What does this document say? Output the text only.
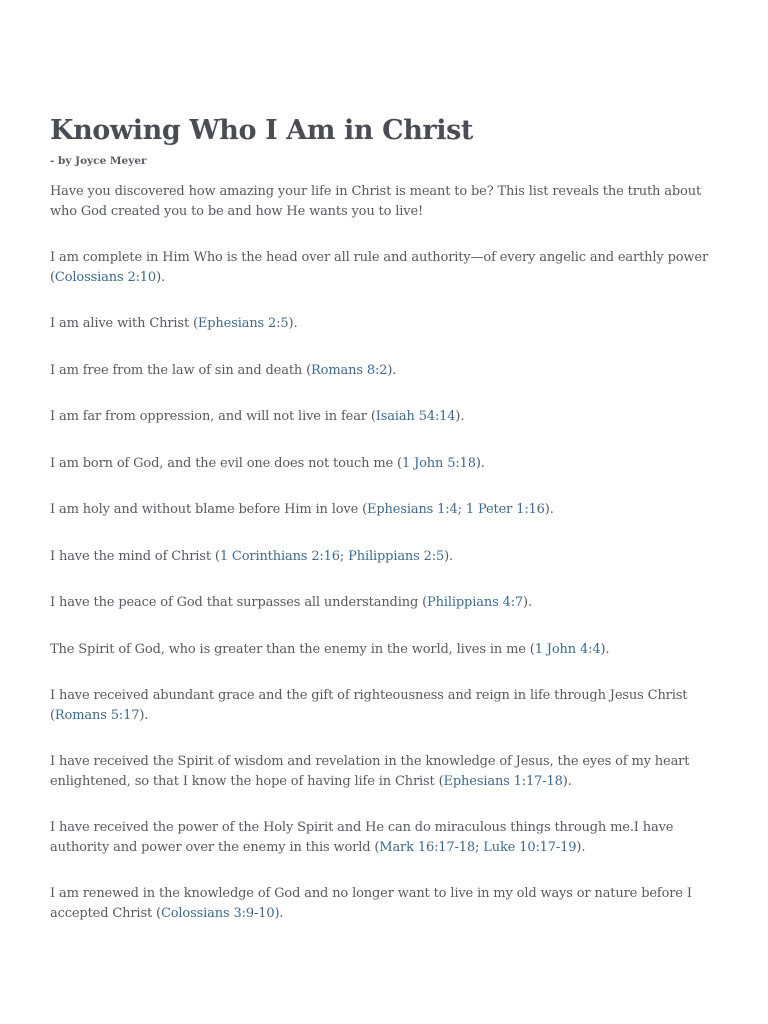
Knowing Who I Am in Christ
- by Joyce Meyer

Have you discovered how amazing your life in Christ is meant to be? This list reveals the truth about who God created you to be and how He wants you to live!

I am complete in Him Who is the head over all rule and authority—of every angelic and earthly power (Colossians 2:10).

I am alive with Christ (Ephesians 2:5).

I am free from the law of sin and death (Romans 8:2).

I am far from oppression, and will not live in fear (Isaiah 54:14).

I am born of God, and the evil one does not touch me (1 John 5:18).

I am holy and without blame before Him in love (Ephesians 1:4; 1 Peter 1:16).

I have the mind of Christ (1 Corinthians 2:16; Philippians 2:5).

I have the peace of God that surpasses all understanding (Philippians 4:7).

The Spirit of God, who is greater than the enemy in the world, lives in me (1 John 4:4).

I have received abundant grace and the gift of righteousness and reign in life through Jesus Christ (Romans 5:17).

I have received the Spirit of wisdom and revelation in the knowledge of Jesus, the eyes of my heart enlightened, so that I know the hope of having life in Christ (Ephesians 1:17-18).

I have received the power of the Holy Spirit and He can do miraculous things through me.I have authority and power over the enemy in this world (Mark 16:17-18; Luke 10:17-19).

I am renewed in the knowledge of God and no longer want to live in my old ways or nature before I accepted Christ (Colossians 3:9-10).
